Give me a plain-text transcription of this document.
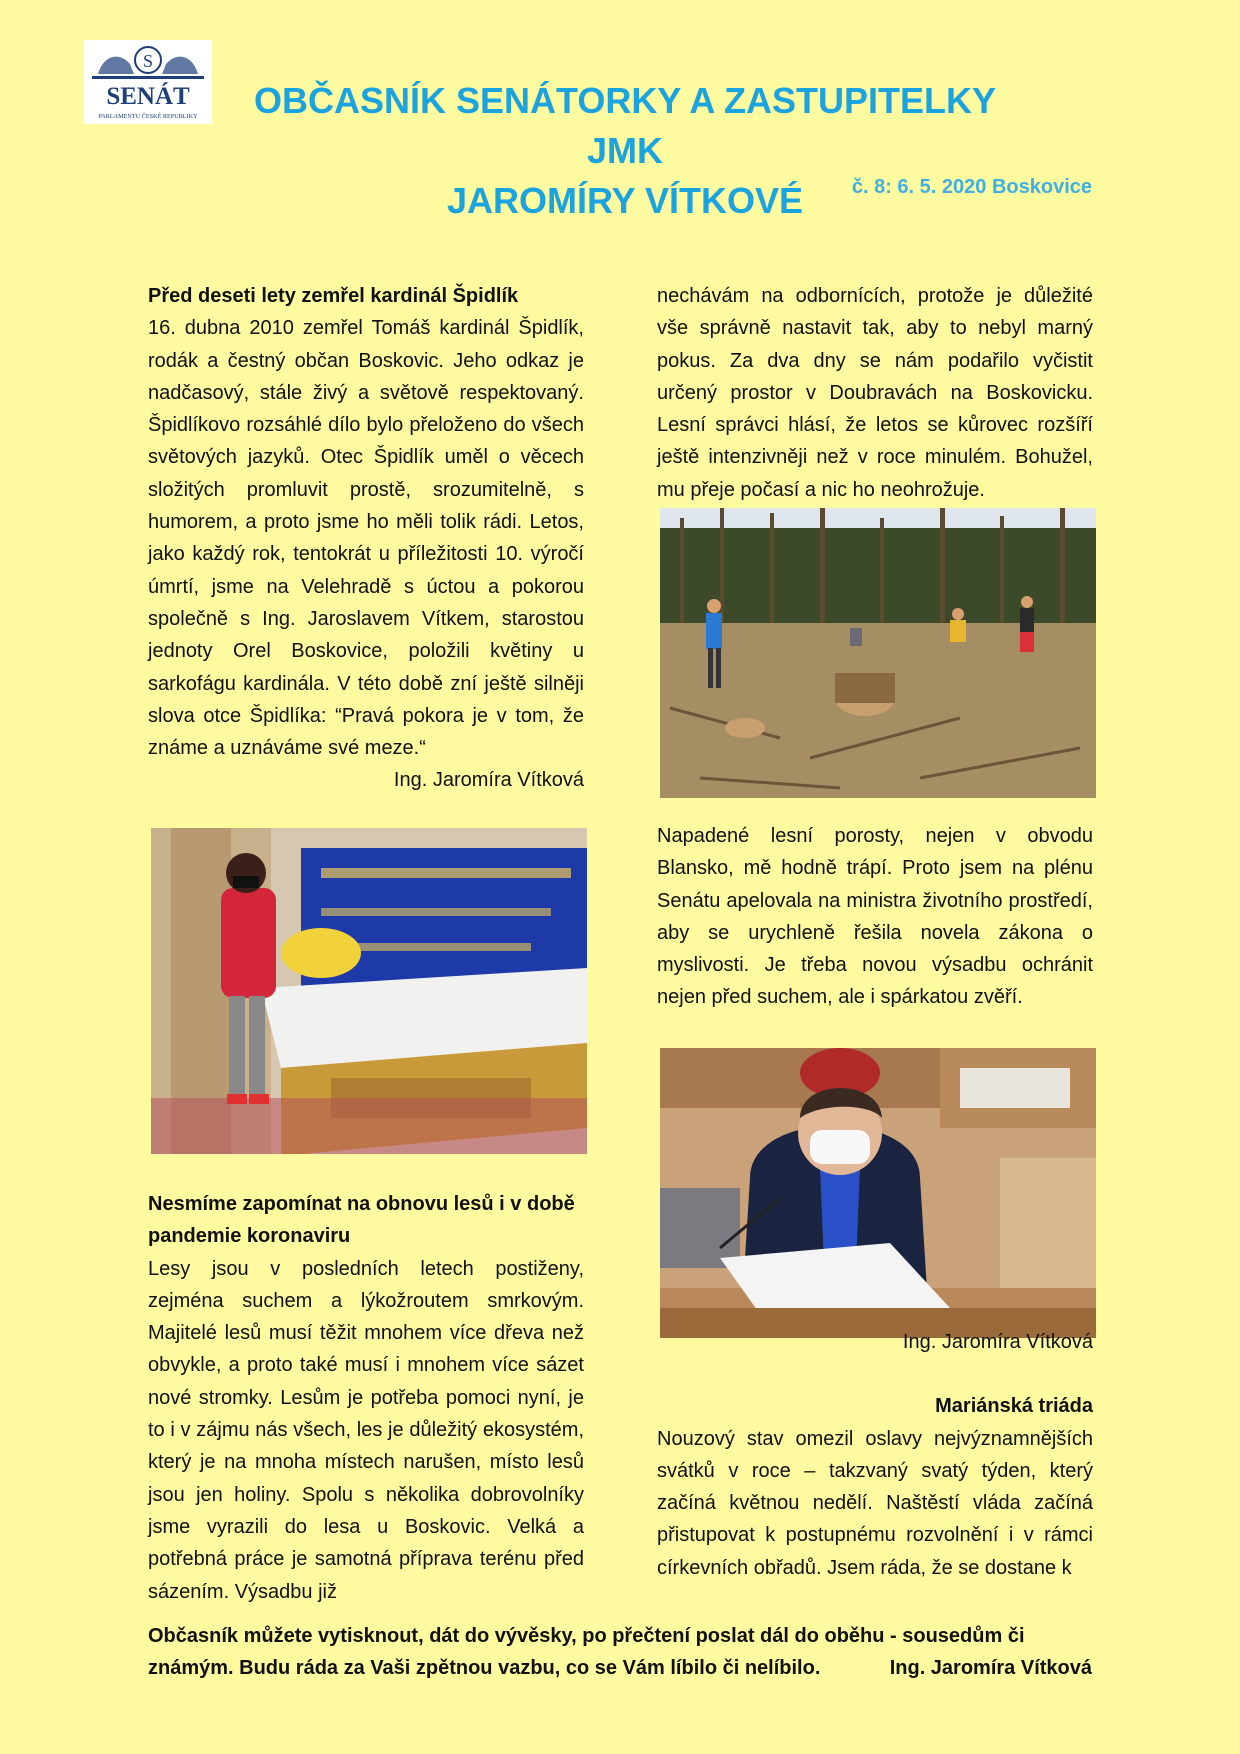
S
SENÁT
PARLAMENTU ČESKÉ REPUBLIKY	OBČASNÍK SENÁTORKY A ZASTUPITELKY JMK
JAROMÍRY VÍTKOVÉ	č. 8: 6. 5. 2020 Boskovice
Před deseti lety zemřel kardinál Špidlík

16. dubna 2010 zemřel Tomáš kardinál Špidlík, rodák a čestný občan Boskovic. Jeho odkaz je nadčasový, stále živý a světově respektovaný. Špidlíkovo rozsáhlé dílo bylo přeloženo do všech světových jazyků. Otec Špidlík uměl o věcech složitých promluvit prostě, srozumitelně, s humorem, a proto jsme ho měli tolik rádi. Letos, jako každý rok, tentokrát u příležitosti 10. výročí úmrtí, jsme na Velehradě s úctou a pokorou společně s Ing. Jaroslavem Vítkem, starostou jednoty Orel Boskovice, položili květiny u sarkofágu kardinála. V této době zní ještě silněji slova otce Špidlíka: “Pravá pokora je v tom, že známe a uznáváme své meze.“

Ing. Jaromíra Vítková

Nesmíme zapomínat na obnovu lesů i v době pandemie koronaviru

Lesy jsou v posledních letech postiženy, zejména suchem a lýkožroutem smrkovým. Majitelé lesů musí těžit mnohem více dřeva než obvykle, a proto také musí i mnohem více sázet nové stromky. Lesům je potřeba pomoci nyní, je to i v zájmu nás všech, les je důležitý ekosystém, který je na mnoha místech narušen, místo lesů jsou jen holiny. Spolu s několika dobrovolníky jsme vyrazili do lesa u Boskovic. Velká a potřebná práce je samotná příprava terénu před sázením. Výsadbu již

nechávám na odbornících, protože je důležité vše správně nastavit tak, aby to nebyl marný pokus. Za dva dny se nám podařilo vyčistit určený prostor v Doubravách na Boskovicku. Lesní správci hlásí, že letos se kůrovec rozšíří ještě intenzivněji než v roce minulém. Bohužel, mu přeje počasí a nic ho neohrožuje.

Napadené lesní porosty, nejen v obvodu Blansko, mě hodně trápí. Proto jsem na plénu Senátu apelovala na ministra životního prostředí, aby se urychleně řešila novela zákona o myslivosti. Je třeba novou výsadbu ochránit nejen před suchem, ale i spárkatou zvěří.

Ing. Jaromíra Vítková

Mariánská triáda

Nouzový stav omezil oslavy nejvýznamnějších svátků v roce – takzvaný svatý týden, který začíná květnou nedělí. Naštěstí vláda začíná přistupovat k postupnému rozvolnění i v rámci církevních obřadů. Jsem ráda, že se dostane k

Občasník můžete vytisknout, dát do vývěsky, po přečtení poslat dál do oběhu - sousedům či známým. Budu ráda za Vaši zpětnou vazbu, co se Vám líbilo či nelíbilo.	Ing. Jaromíra Vítková
